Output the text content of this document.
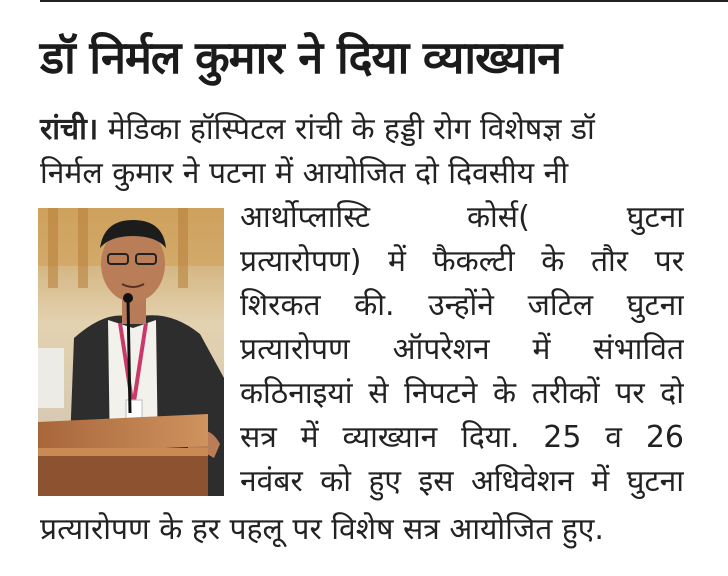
डॉ निर्मल कुमार ने दिया व्याख्यान
रांची। मेडिका हॉस्पिटल रांची के हड्डी रोग विशेषज्ञ डॉ
निर्मल कुमार ने पटना में आयोजित दो दिवसीय नी
आर्थोप्लास्टि कोर्स( घुटना
प्रत्यारोपण) में फैकल्टी के तौर पर
शिरकत की. उन्होंने जटिल घुटना
प्रत्यारोपण ऑपरेशन में संभावित
कठिनाइयां से निपटने के तरीकों पर दो
सत्र में व्याख्यान दिया. 25 व 26
नवंबर को हुए इस अधिवेशन में घुटना
प्रत्यारोपण के हर पहलू पर विशेष सत्र आयोजित हुए.
